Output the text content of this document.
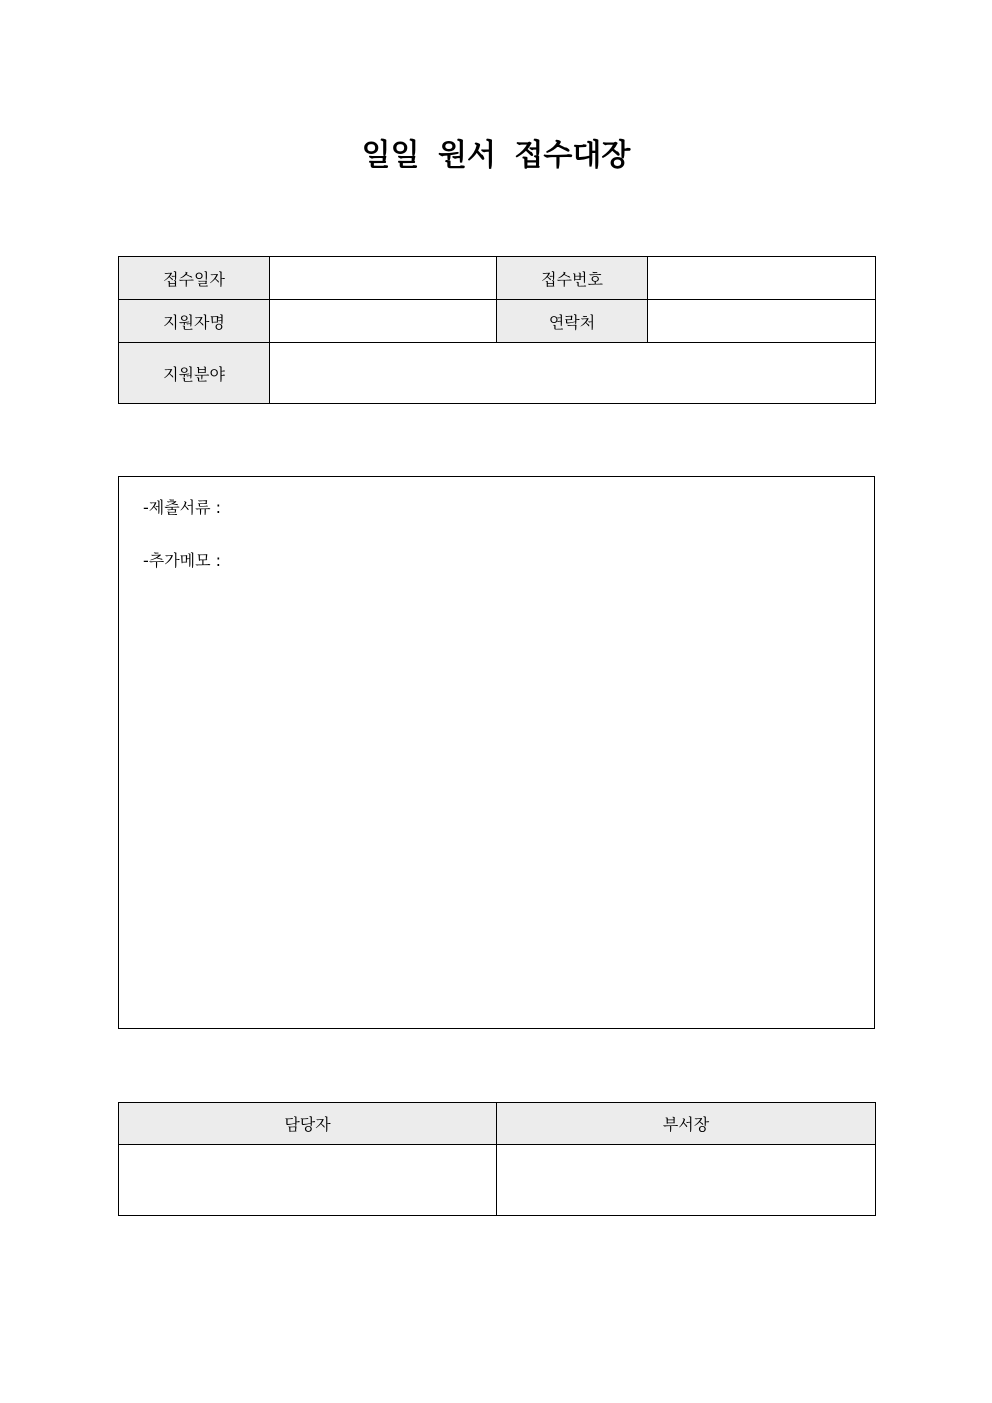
일일 원서 접수대장
접수일자		접수번호	
지원자명		연락처	
지원분야			
-제출서류 :
-추가메모 :
담당자	부서장
